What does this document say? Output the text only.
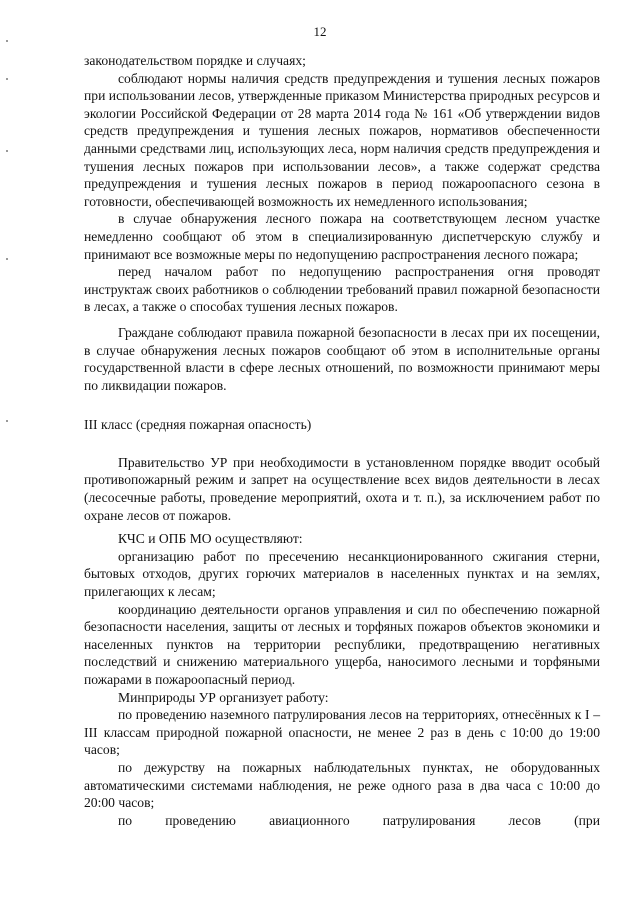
12

законодательством порядке и случаях;

соблюдают нормы наличия средств предупреждения и тушения лесных пожаров при использовании лесов, утвержденные приказом Министерства природных ресурсов и экологии Российской Федерации от 28 марта 2014 года № 161 «Об утверждении видов средств предупреждения и тушения лесных пожаров, нормативов обеспеченности данными средствами лиц, использующих леса, норм наличия средств предупреждения и тушения лесных пожаров при использовании лесов», а также содержат средства предупреждения и тушения лесных пожаров в период пожароопасного сезона в готовности, обеспечивающей возможность их немедленного использования;

в случае обнаружения лесного пожара на соответствующем лесном участке немедленно сообщают об этом в специализированную диспетчерскую службу и принимают все возможные меры по недопущению распространения лесного пожара;

перед началом работ по недопущению распространения огня проводят инструктаж своих работников о соблюдении требований правил пожарной безопасности в лесах, а также о способах тушения лесных пожаров.

Граждане соблюдают правила пожарной безопасности в лесах при их посещении, в случае обнаружения лесных пожаров сообщают об этом в исполнительные органы государственной власти в сфере лесных отношений, по возможности принимают меры по ликвидации пожаров.

III класс (средняя пожарная опасность)

Правительство УР при необходимости в установленном порядке вводит особый противопожарный режим и запрет на осуществление всех видов деятельности в лесах (лесосечные работы, проведение мероприятий, охота и т. п.), за исключением работ по охране лесов от пожаров.

КЧС и ОПБ МО осуществляют:

организацию работ по пресечению несанкционированного сжигания стерни, бытовых отходов, других горючих материалов в населенных пунктах и на землях, прилегающих к лесам;

координацию деятельности органов управления и сил по обеспечению пожарной безопасности населения, защиты от лесных и торфяных пожаров объектов экономики и населенных пунктов на территории республики, предотвращению негативных последствий и снижению материального ущерба, наносимого лесными и торфяными пожарами в пожароопасный период.

Минприроды УР организует работу:

по проведению наземного патрулирования лесов на территориях, отнесённых к I – III классам природной пожарной опасности, не менее 2 раз в день с 10:00 до 19:00 часов;

по дежурству на пожарных наблюдательных пунктах, не оборудованных автоматическими системами наблюдения, не реже одного раза в два часа с 10:00 до 20:00 часов;

по проведению авиационного патрулирования лесов (при
